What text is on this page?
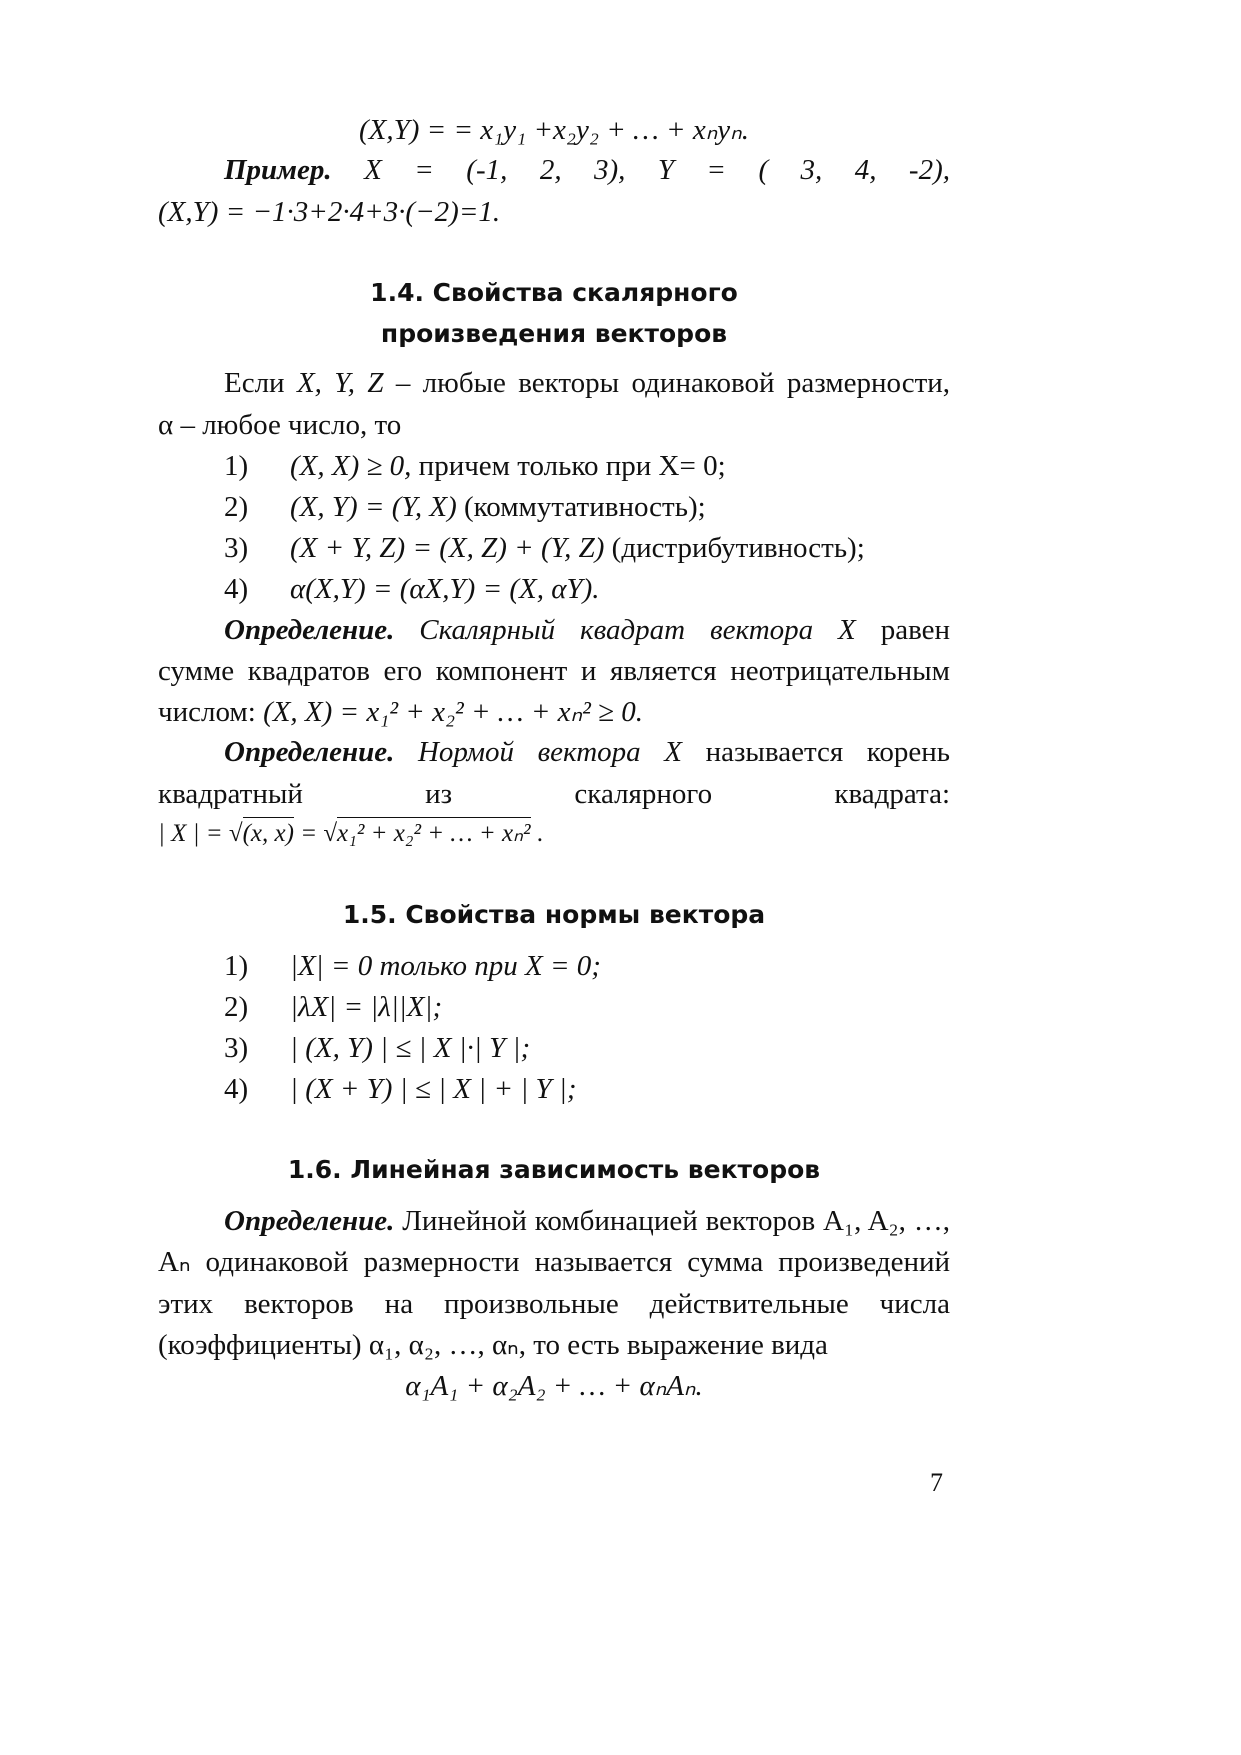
(X,Y) = = x₁y₁ +x₂y₂ + … + xₙyₙ.
Пример. X = (-1, 2, 3), Y = ( 3, 4, -2),
(X,Y) = −1·3+2·4+3·(−2)=1.
1.4. Свойства скалярного
произведения векторов
Если X, Y, Z – любые векторы одинаковой размерности,
α – любое число, то
1) (X, X) ≥ 0, причем только при X= 0;
2) (X, Y) = (Y, X) (коммутативность);
3) (X + Y, Z) = (X, Z) + (Y, Z) (дистрибутивность);
4) α(X,Y) = (αX,Y) = (X, αY).
Определение. Скалярный квадрат вектора X равен
сумме квадратов его компонент и является неотрицательным
числом: (X, X) = x₁² + x₂² + … + xₙ² ≥ 0.
Определение. Нормой вектора X называется корень
квадратный из скалярного квадрата:
| X | = √(x, x) = √x₁² + x₂² + … + xₙ² .
1.5. Свойства нормы вектора
1) |X| = 0 только при X = 0;
2) |λX| = |λ||X|;
3) | (X, Y) | ≤ | X |·| Y |;
4) | (X + Y) | ≤ | X | + | Y |;
1.6. Линейная зависимость векторов
Определение. Линейной комбинацией векторов A₁, A₂, …,
Aₙ одинаковой размерности называется сумма произведений
этих векторов на произвольные действительные числа
(коэффициенты) α₁, α₂, …, αₙ, то есть выражение вида
α₁A₁ + α₂A₂ + … + αₙAₙ.
7
